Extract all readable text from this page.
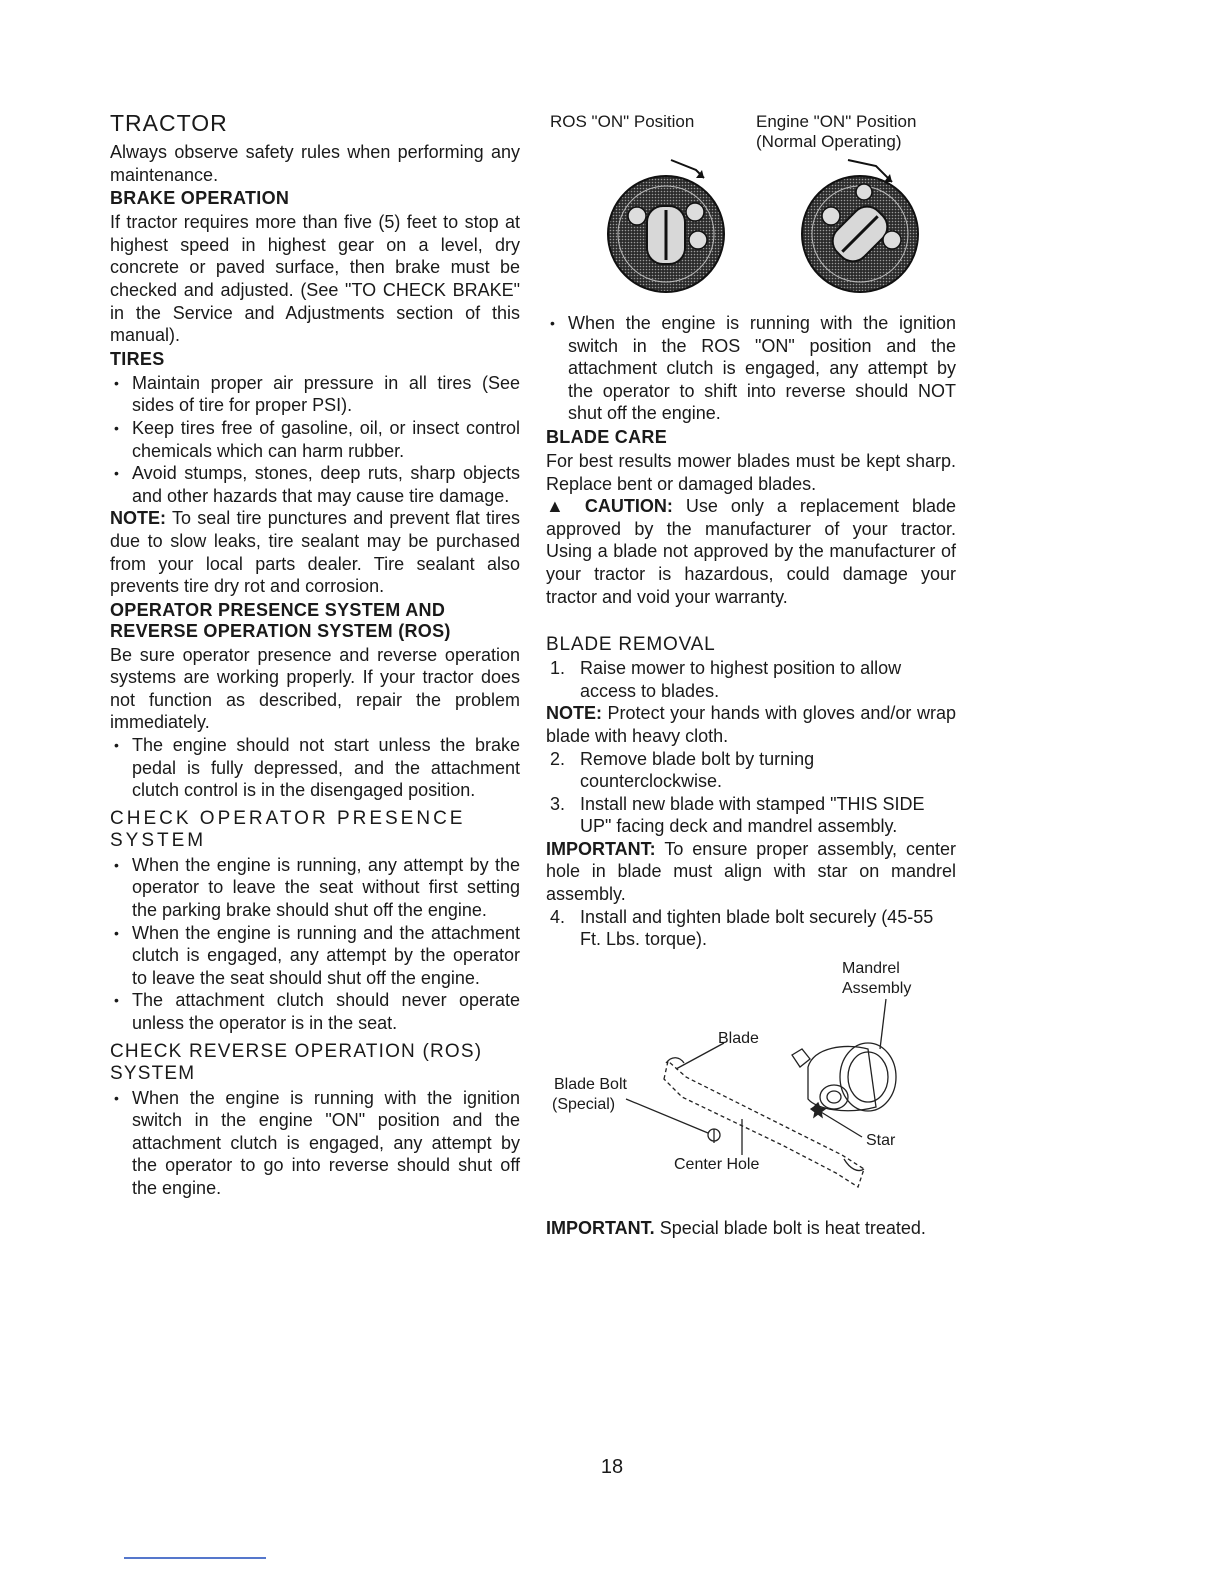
TRACTOR

Always observe safety rules when performing any maintenance.

BRAKE OPERATION

If tractor requires more than five (5) feet to stop at highest speed in highest gear on a level, dry concrete or paved surface, then brake must be checked and adjusted. (See "TO CHECK BRAKE" in the Service and Adjustments section of this manual).

TIRES
• Maintain proper air pressure in all tires (See sides of tire for proper PSI).
• Keep tires free of gasoline, oil, or insect control chemicals which can harm rubber.
• Avoid stumps, stones, deep ruts, sharp objects and other hazards that may cause tire damage.

NOTE: To seal tire punctures and prevent flat tires due to slow leaks, tire sealant may be purchased from your local parts dealer. Tire sealant also prevents tire dry rot and corrosion.

OPERATOR PRESENCE SYSTEM AND REVERSE OPERATION SYSTEM (ROS)

Be sure operator presence and reverse operation systems are working properly. If your tractor does not function as described, repair the problem immediately.

• The engine should not start unless the brake pedal is fully depressed, and the attachment clutch control is in the disengaged position.
CHECK OPERATOR PRESENCE SYSTEM
• When the engine is running, any attempt by the operator to leave the seat without first setting the parking brake should shut off the engine.
• When the engine is running and the attachment clutch is engaged, any attempt by the operator to leave the seat should shut off the engine.
• The attachment clutch should never operate unless the operator is in the seat.
CHECK REVERSE OPERATION (ROS) SYSTEM
• When the engine is running with the ignition switch in the engine "ON" position and the attachment clutch is engaged, any attempt by the operator to go into reverse should shut off the engine.
ROS "ON" Position	Engine "ON" Position
(Normal Operating)
• When the engine is running with the ignition switch in the ROS "ON" position and the attachment clutch is engaged, any attempt by the operator to shift into reverse should NOT shut off the engine.
BLADE CARE

For best results mower blades must be kept sharp. Replace bent or damaged blades.

▲ CAUTION: Use only a replacement blade approved by the manufacturer of your tractor. Using a blade not approved by the manufacturer of your tractor is hazardous, could damage your tractor and void your warranty.

BLADE REMOVAL
1. Raise mower to highest position to allow access to blades.

NOTE: Protect your hands with gloves and/or wrap blade with heavy cloth.

2. Remove blade bolt by turning counterclockwise.
3. Install new blade with stamped "THIS SIDE UP" facing deck and mandrel assembly.

IMPORTANT: To ensure proper assembly, center hole in blade must align with star on mandrel assembly.

4. Install and tighten blade bolt securely (45-55 Ft. Lbs. torque).
Mandrel
Assembly
Blade
Blade Bolt
(Special)
Star
Center Hole

IMPORTANT. Special blade bolt is heat treated.

18
